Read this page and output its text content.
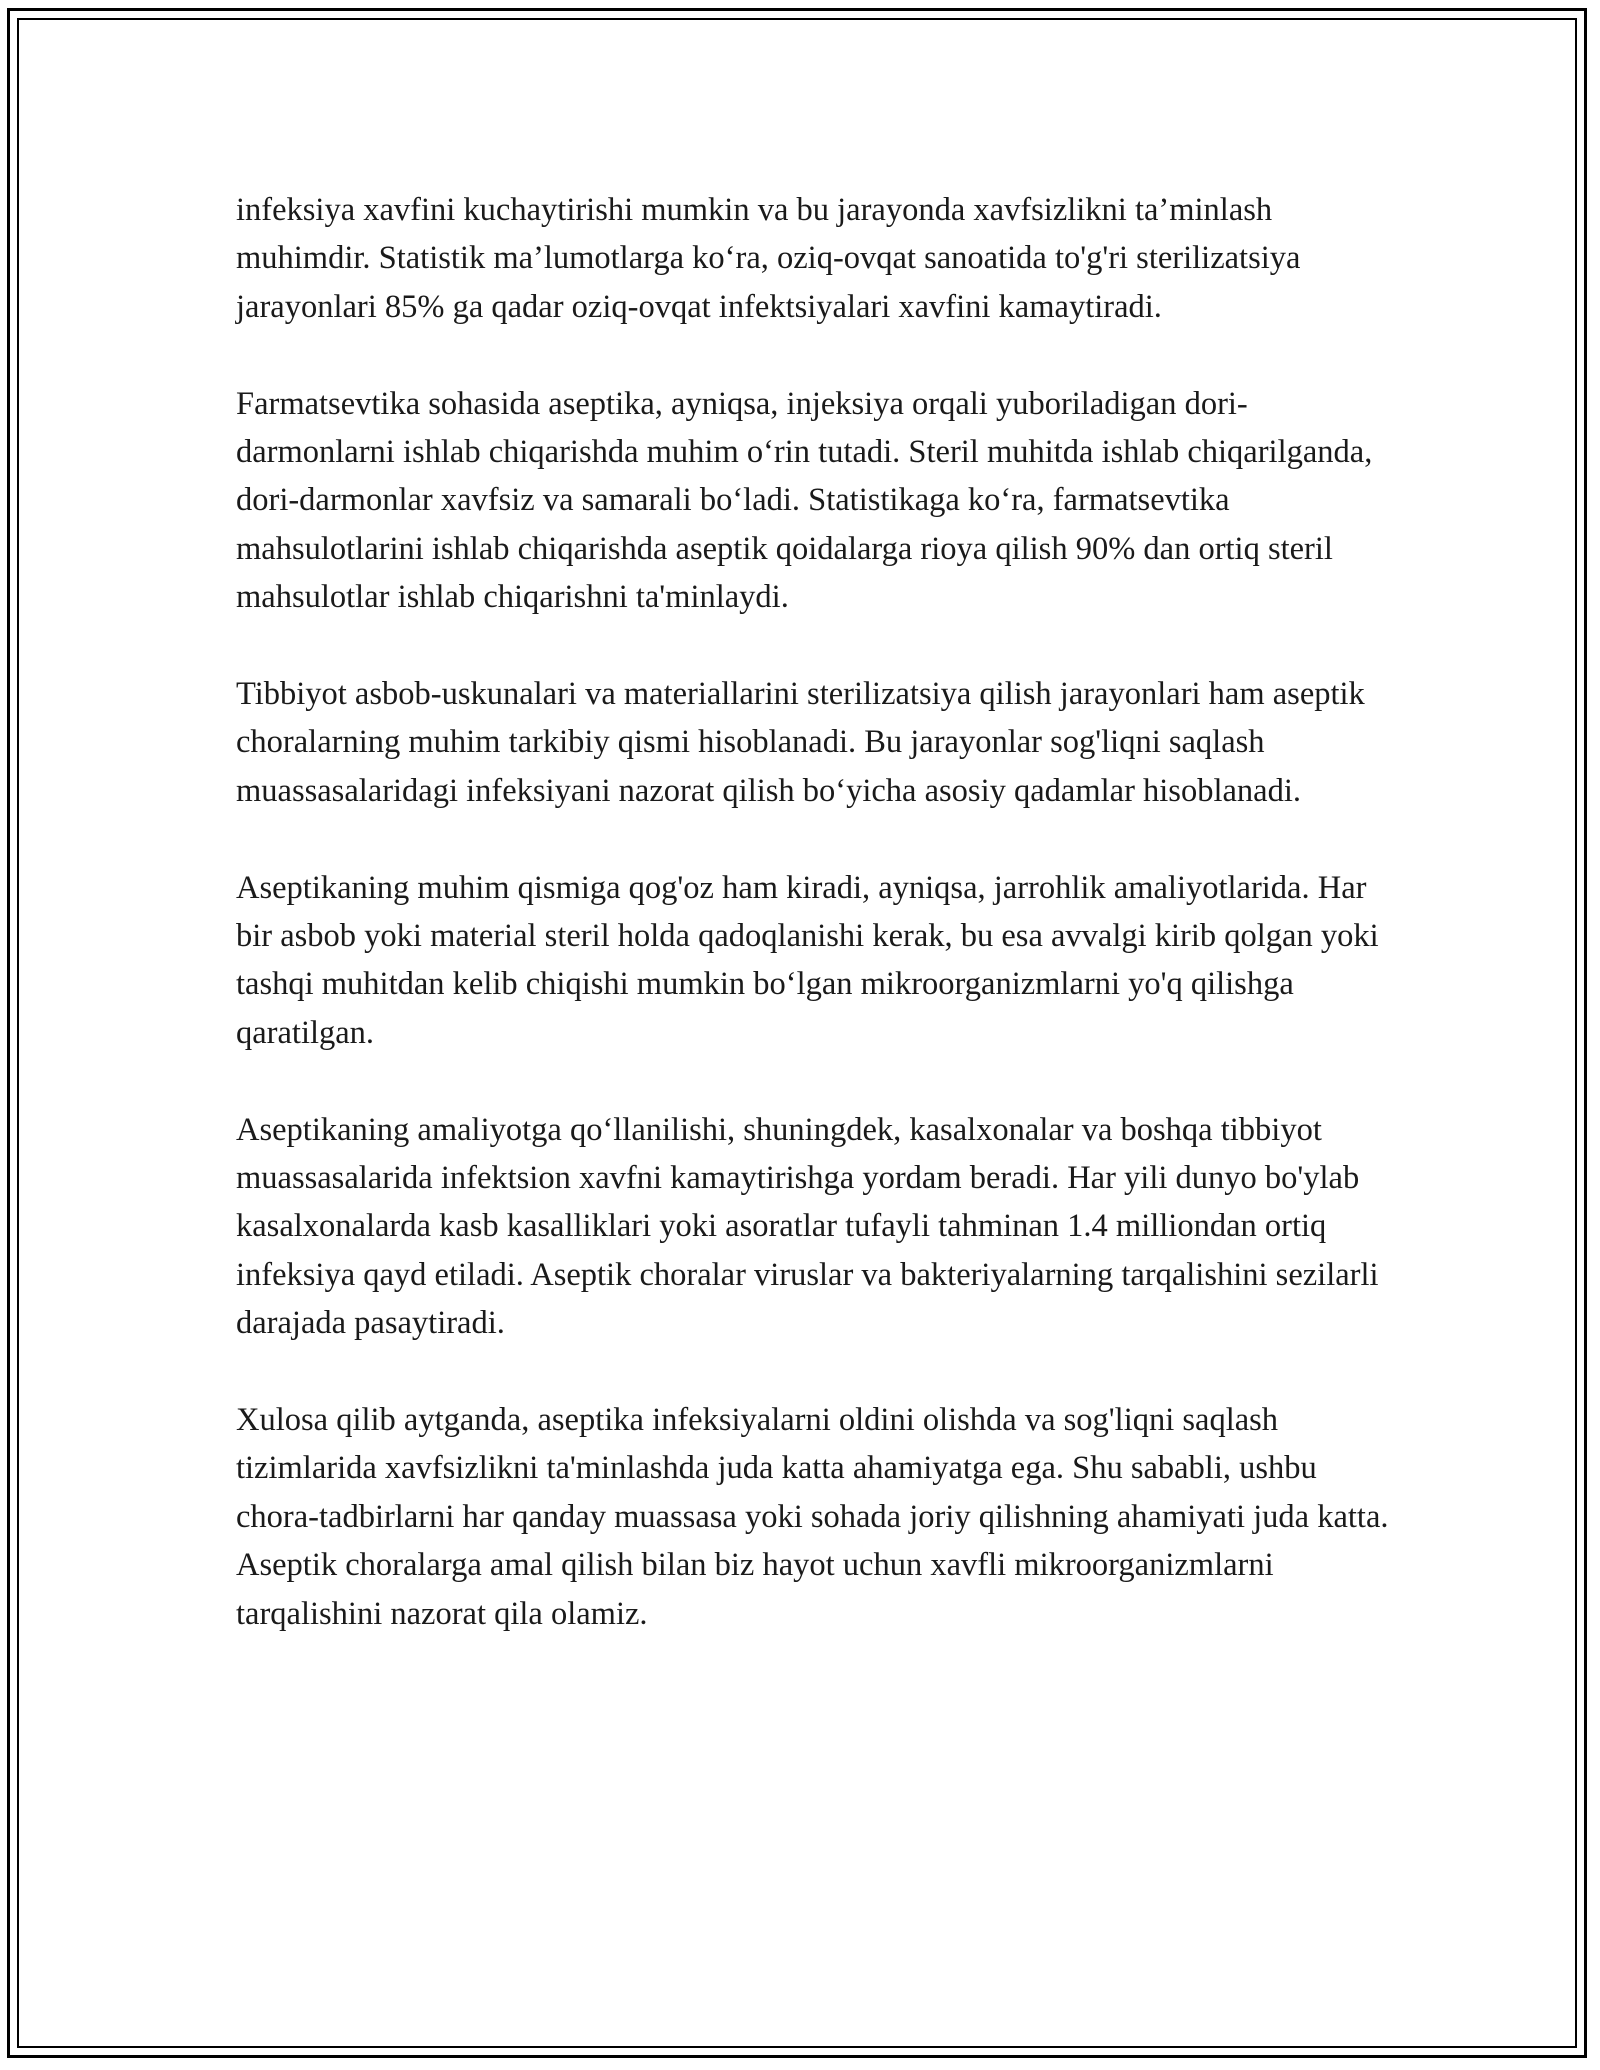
infeksiya xavfini kuchaytirishi mumkin va bu jarayonda xavfsizlikni ta’minlash muhimdir. Statistik ma’lumotlarga ko‘ra, oziq-ovqat sanoatida to'g'ri sterilizatsiya jarayonlari 85% ga qadar oziq-ovqat infektsiyalari xavfini kamaytiradi.

Farmatsevtika sohasida aseptika, ayniqsa, injeksiya orqali yuboriladigan dori-darmonlarni ishlab chiqarishda muhim o‘rin tutadi. Steril muhitda ishlab chiqarilganda, dori-darmonlar xavfsiz va samarali bo‘ladi. Statistikaga ko‘ra, farmatsevtika mahsulotlarini ishlab chiqarishda aseptik qoidalarga rioya qilish 90% dan ortiq steril mahsulotlar ishlab chiqarishni ta'minlaydi.

Tibbiyot asbob-uskunalari va materiallarini sterilizatsiya qilish jarayonlari ham aseptik choralarning muhim tarkibiy qismi hisoblanadi. Bu jarayonlar sog'liqni saqlash muassasalaridagi infeksiyani nazorat qilish bo‘yicha asosiy qadamlar hisoblanadi.

Aseptikaning muhim qismiga qog'oz ham kiradi, ayniqsa, jarrohlik amaliyotlarida. Har bir asbob yoki material steril holda qadoqlanishi kerak, bu esa avvalgi kirib qolgan yoki tashqi muhitdan kelib chiqishi mumkin bo‘lgan mikroorganizmlarni yo'q qilishga qaratilgan.

Aseptikaning amaliyotga qo‘llanilishi, shuningdek, kasalxonalar va boshqa tibbiyot muassasalarida infektsion xavfni kamaytirishga yordam beradi. Har yili dunyo bo'ylab kasalxonalarda kasb kasalliklari yoki asoratlar tufayli tahminan 1.4 milliondan ortiq infeksiya qayd etiladi. Aseptik choralar viruslar va bakteriyalarning tarqalishini sezilarli darajada pasaytiradi.

Xulosa qilib aytganda, aseptika infeksiyalarni oldini olishda va sog'liqni saqlash tizimlarida xavfsizlikni ta'minlashda juda katta ahamiyatga ega. Shu sababli, ushbu chora-tadbirlarni har qanday muassasa yoki sohada joriy qilishning ahamiyati juda katta. Aseptik choralarga amal qilish bilan biz hayot uchun xavfli mikroorganizmlarni tarqalishini nazorat qila olamiz.
